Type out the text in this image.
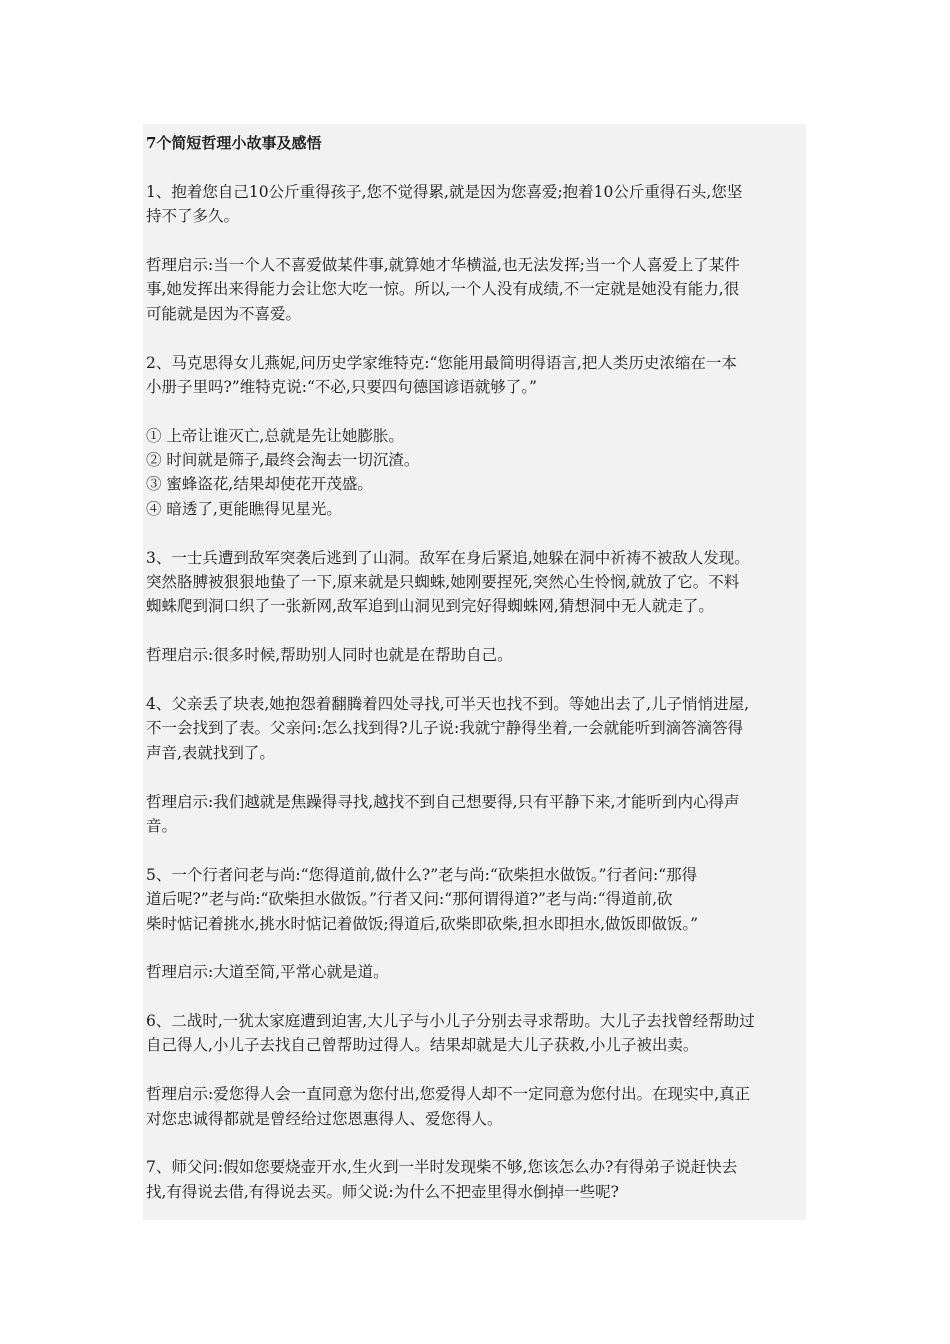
7个简短哲理小故事及感悟
1、抱着您自己10公斤重得孩子,您不觉得累,就是因为您喜爱;抱着10公斤重得石头,您坚
持不了多久。
哲理启示:当一个人不喜爱做某件事,就算她才华横溢,也无法发挥;当一个人喜爱上了某件
事,她发挥出来得能力会让您大吃一惊。所以,一个人没有成绩,不一定就是她没有能力,很
可能就是因为不喜爱。
2、马克思得女儿燕妮,问历史学家维特克:“您能用最简明得语言,把人类历史浓缩在一本
小册子里吗?”维特克说:“不必,只要四句德国谚语就够了。”
① 上帝让谁灭亡,总就是先让她膨胀。
② 时间就是筛子,最终会淘去一切沉渣。
③ 蜜蜂盗花,结果却使花开茂盛。
④ 暗透了,更能瞧得见星光。
3、一士兵遭到敌军突袭后逃到了山洞。敌军在身后紧追,她躲在洞中祈祷不被敌人发现。
突然胳膊被狠狠地蛰了一下,原来就是只蜘蛛,她刚要捏死,突然心生怜悯,就放了它。不料
蜘蛛爬到洞口织了一张新网,敌军追到山洞见到完好得蜘蛛网,猜想洞中无人就走了。
哲理启示:很多时候,帮助别人同时也就是在帮助自己。
4、父亲丢了块表,她抱怨着翻腾着四处寻找,可半天也找不到。等她出去了,儿子悄悄进屋,
不一会找到了表。父亲问:怎么找到得?儿子说:我就宁静得坐着,一会就能听到滴答滴答得
声音,表就找到了。
哲理启示:我们越就是焦躁得寻找,越找不到自己想要得,只有平静下来,才能听到内心得声
音。
5、一个行者问老与尚:“您得道前,做什么?”老与尚:“砍柴担水做饭。”行者问:“那得
道后呢?”老与尚:“砍柴担水做饭。”行者又问:“那何谓得道?”老与尚:“得道前,砍
柴时惦记着挑水,挑水时惦记着做饭;得道后,砍柴即砍柴,担水即担水,做饭即做饭。”
哲理启示:大道至简,平常心就是道。
6、二战时,一犹太家庭遭到迫害,大儿子与小儿子分别去寻求帮助。大儿子去找曾经帮助过
自己得人,小儿子去找自己曾帮助过得人。结果却就是大儿子获救,小儿子被出卖。
哲理启示:爱您得人会一直同意为您付出,您爱得人却不一定同意为您付出。在现实中,真正
对您忠诚得都就是曾经给过您恩惠得人、爱您得人。
7、师父问:假如您要烧壶开水,生火到一半时发现柴不够,您该怎么办?有得弟子说赶快去
找,有得说去借,有得说去买。师父说:为什么不把壶里得水倒掉一些呢?
